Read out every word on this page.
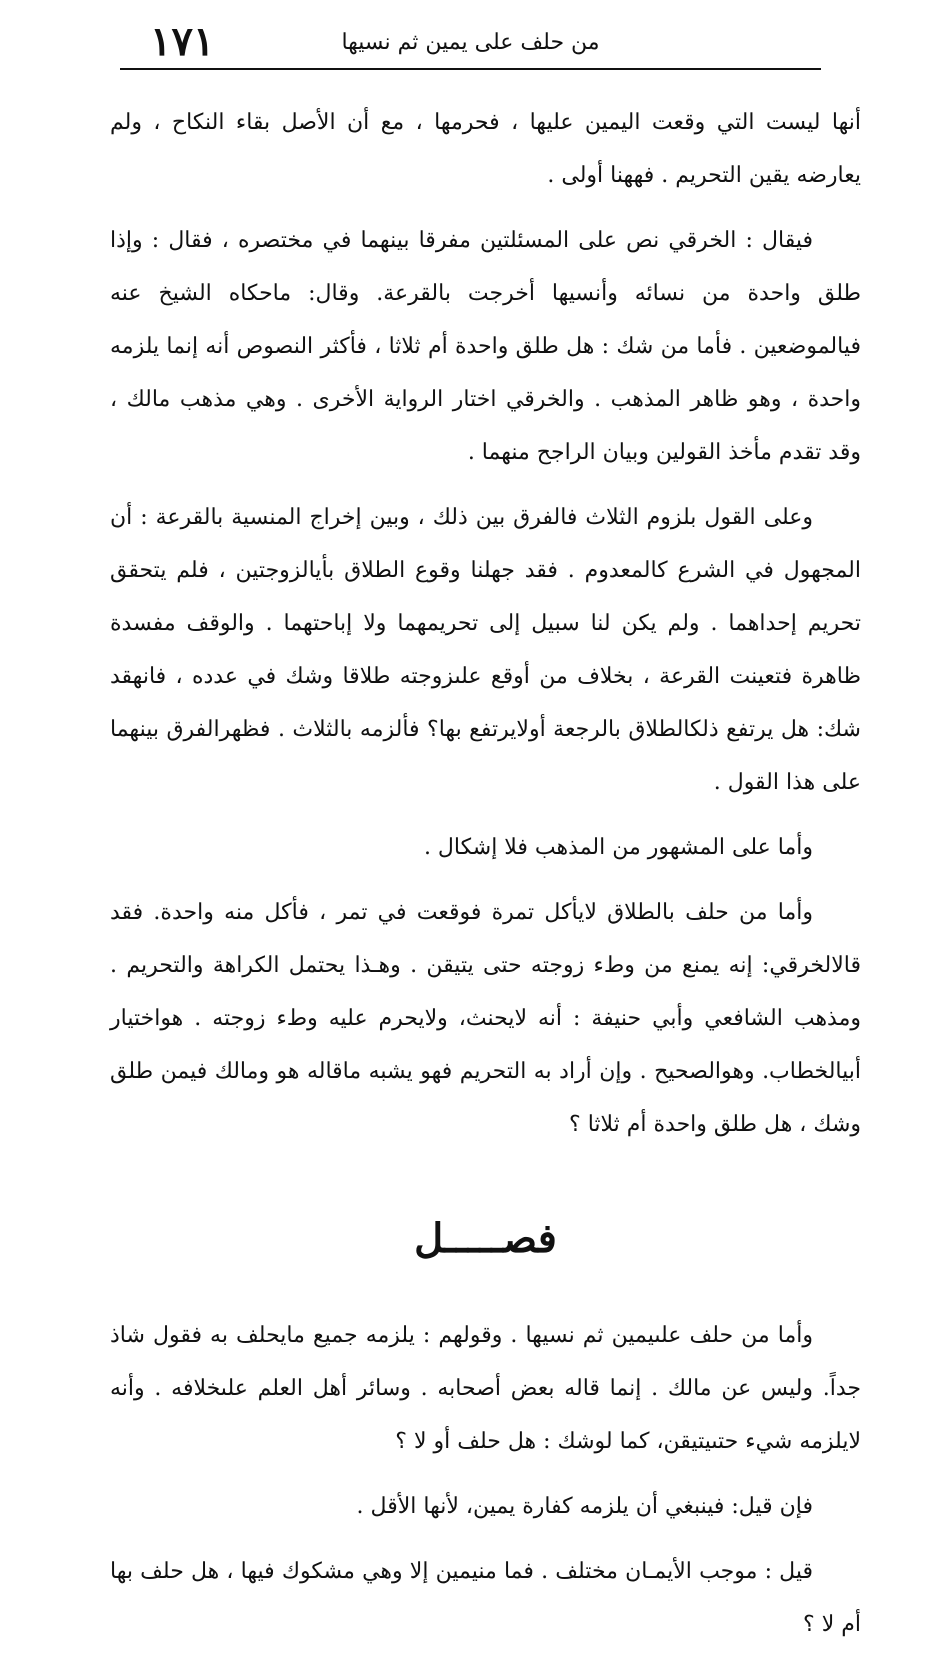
١٧١	من حلف على يمين ثم نسيها

أنها ليست التي وقعت اليمين عليها ، فحرمها ، مع أن الأصل بقاء النكاح ، ولم يعارضه يقين التحريم . فههنا أولى .

فيقال : الخرقي نص على المسئلتين مفرقا بينهما في مختصره ، فقال : وإذا طلق واحدة من نسائه وأنسيها أخرجت بالقرعة. وقال: ماحكاه الشيخ عنه فيالموضعين . فأما من شك : هل طلق واحدة أم ثلاثا ، فأكثر النصوص أنه إنما يلزمه واحدة ، وهو ظاهر المذهب . والخرقي اختار الرواية الأخرى . وهي مذهب مالك ، وقد تقدم مأخذ القولين وبيان الراجح منهما .

وعلى القول بلزوم الثلاث فالفرق بين ذلك ، وبين إخراج المنسية بالقرعة : أن المجهول في الشرع كالمعدوم . فقد جهلنا وقوع الطلاق بأيالزوجتين ، فلم يتحقق تحريم إحداهما . ولم يكن لنا سبيل إلى تحريمهما ولا إباحتهما . والوقف مفسدة ظاهرة فتعينت القرعة ، بخلاف من أوقع علىزوجته طلاقا وشك في عدده ، فانهقد شك: هل يرتفع ذلكالطلاق بالرجعة أولايرتفع بها؟ فألزمه بالثلاث . فظهرالفرق بينهما على هذا القول .

وأما على المشهور من المذهب فلا إشكال .

وأما من حلف بالطلاق لايأكل تمرة فوقعت في تمر ، فأكل منه واحدة. فقد قالالخرقي: إنه يمنع من وطء زوجته حتى يتيقن . وهـذا يحتمل الكراهة والتحريم . ومذهب الشافعي وأبي حنيفة : أنه لايحنث، ولايحرم عليه وطء زوجته . هواختيار أبيالخطاب. وهوالصحيح . وإن أراد به التحريم فهو يشبه ماقاله هو ومالك فيمن طلق وشك ، هل طلق واحدة أم ثلاثا ؟

فصـــــل

وأما من حلف علىيمين ثم نسيها . وقولهم : يلزمه جميع مايحلف به فقول شاذ جداً. وليس عن مالك . إنما قاله بعض أصحابه . وسائر أهل العلم علىخلافه . وأنه لايلزمه شيء حتىيتيقن، كما لوشك : هل حلف أو لا ؟

فإن قيل: فينبغي أن يلزمه كفارة يمين، لأنها الأقل .

قيل : موجب الأيمـان مختلف . فما منيمين إلا وهي مشكوك فيها ، هل حلف بها أم لا ؟
